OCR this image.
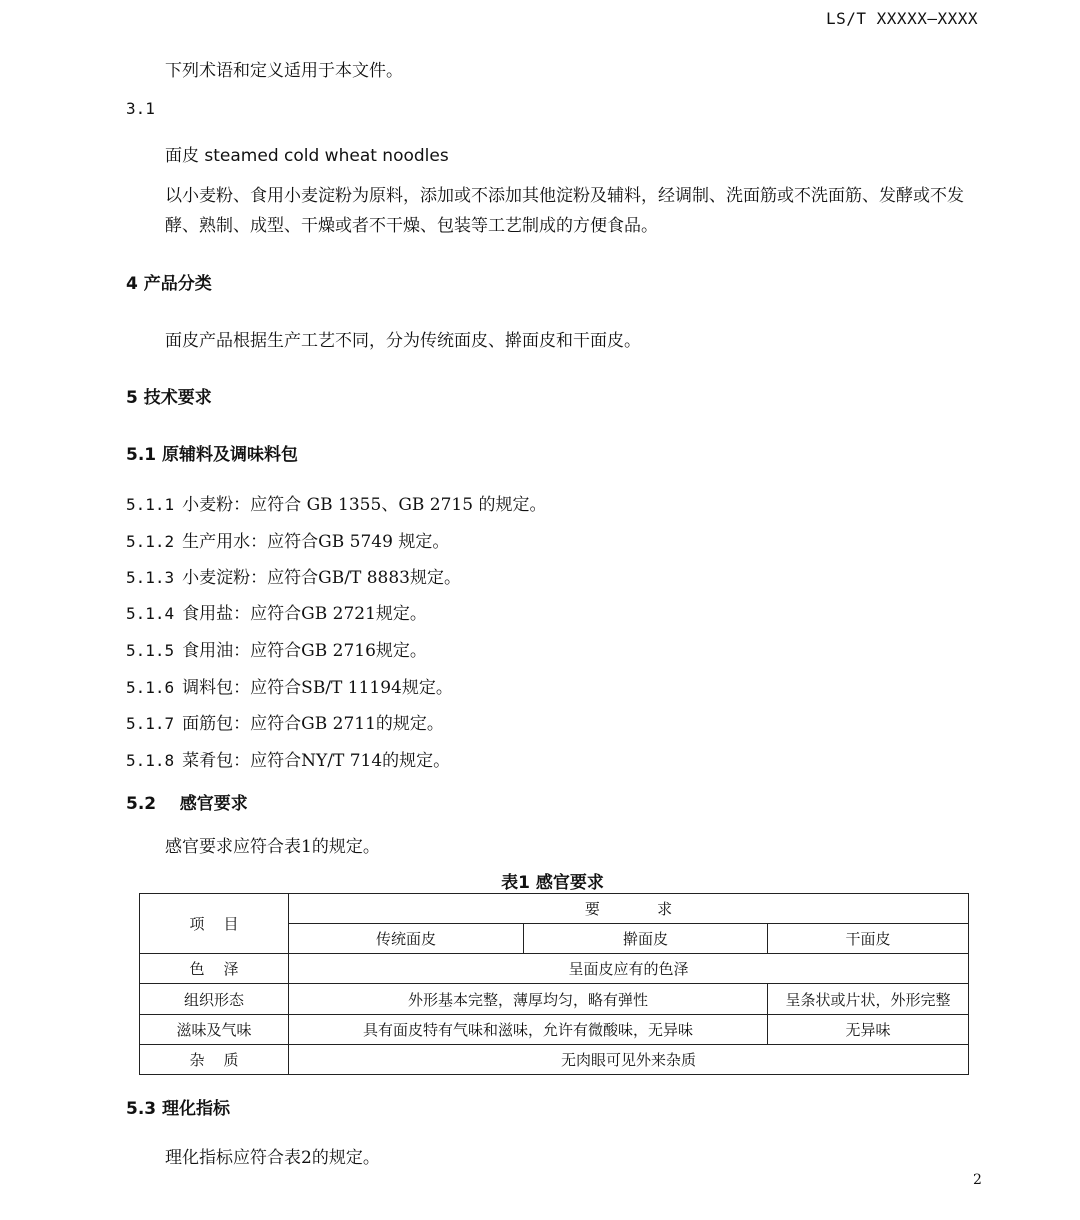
LS/T XXXXX—XXXX
下列术语和定义适用于本文件。
3.1
面皮 steamed cold wheat noodles
以小麦粉、食用小麦淀粉为原料，添加或不添加其他淀粉及辅料，经调制、洗面筋或不洗面筋、发酵或不发酵、熟制、成型、干燥或者不干燥、包装等工艺制成的方便食品。
4 产品分类
面皮产品根据生产工艺不同，分为传统面皮、擀面皮和干面皮。
5 技术要求
5.1 原辅料及调味料包
5.1.1 小麦粉：应符合 GB 1355、GB 2715 的规定。
5.1.2 生产用水：应符合GB 5749 规定。
5.1.3 小麦淀粉：应符合GB/T 8883规定。
5.1.4 食用盐：应符合GB 2721规定。
5.1.5 食用油：应符合GB 2716规定。
5.1.6 调料包：应符合SB/T 11194规定。
5.1.7 面筋包：应符合GB 2711的规定。
5.1.8 菜肴包：应符合NY/T 714的规定。
5.2    感官要求
感官要求应符合表1的规定。
表1 感官要求
项    目	要            求		
	传统面皮	擀面皮	干面皮
色    泽	呈面皮应有的色泽		
组织形态	外形基本完整，薄厚均匀，略有弹性		呈条状或片状，外形完整
滋味及气味	具有面皮特有气味和滋味，允许有微酸味，无异味		无异味
杂    质	无肉眼可见外来杂质		
5.3 理化指标
理化指标应符合表2的规定。
2
